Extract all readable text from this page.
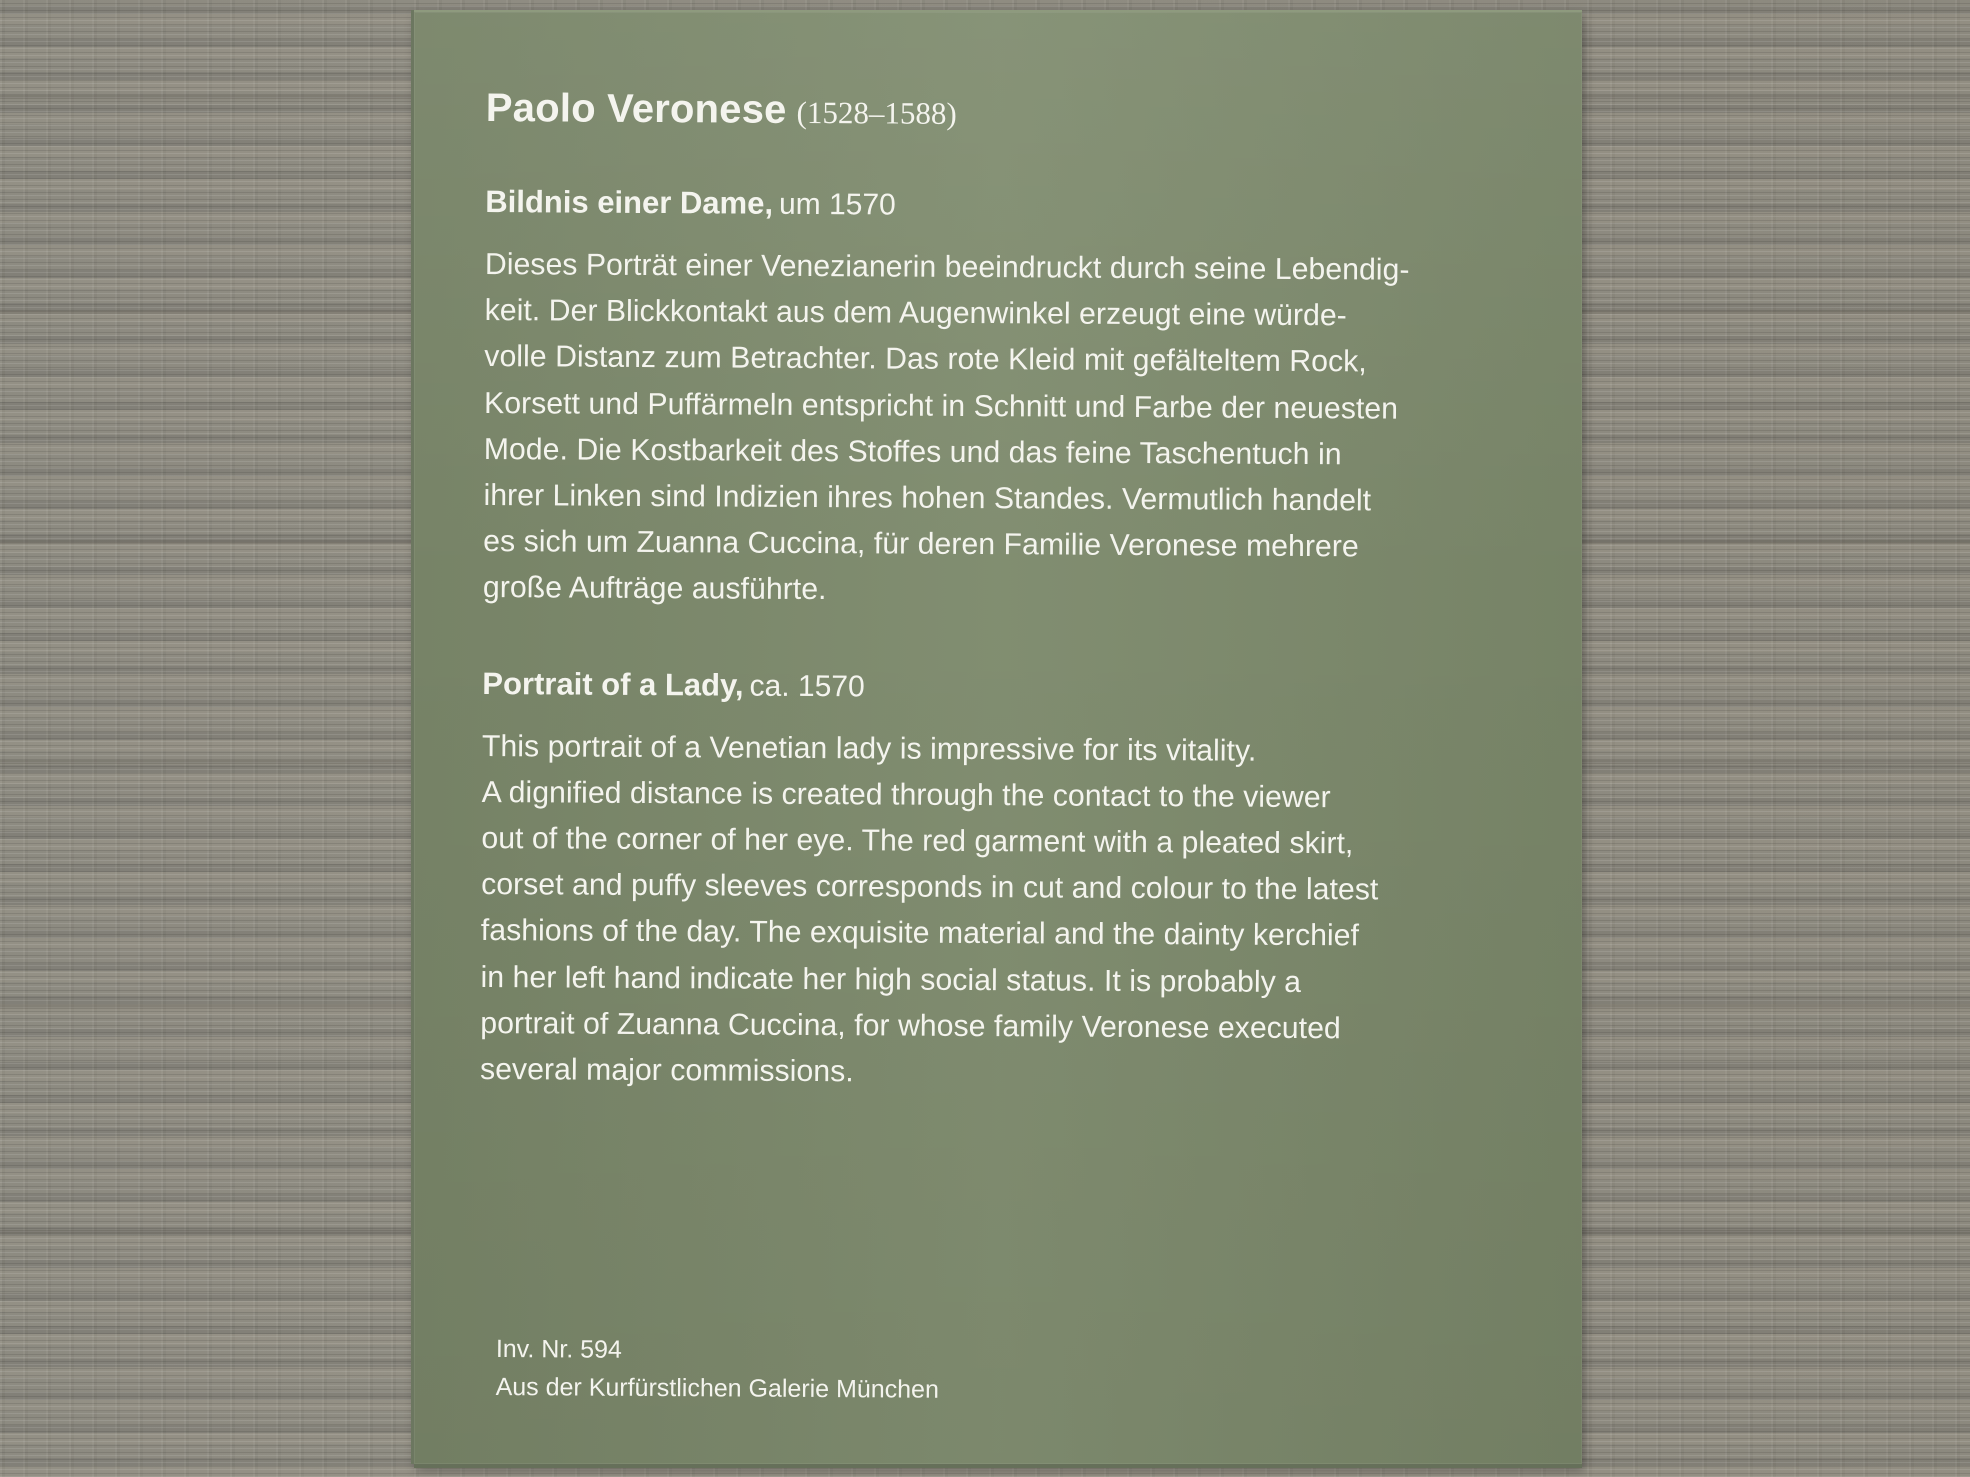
Paolo Veronese (1528–1588)

Bildnis einer Dame, um 1570

Dieses Porträt einer Venezianerin beeindruckt durch seine Lebendig-
keit. Der Blickkontakt aus dem Augenwinkel erzeugt eine würde-
volle Distanz zum Betrachter. Das rote Kleid mit gefälteltem Rock,
Korsett und Puffärmeln entspricht in Schnitt und Farbe der neuesten
Mode. Die Kostbarkeit des Stoffes und das feine Taschentuch in
ihrer Linken sind Indizien ihres hohen Standes. Vermutlich handelt
es sich um Zuanna Cuccina, für deren Familie Veronese mehrere
große Aufträge ausführte.

Portrait of a Lady, ca. 1570

This portrait of a Venetian lady is impressive for its vitality.
A dignified distance is created through the contact to the viewer
out of the corner of her eye. The red garment with a pleated skirt,
corset and puffy sleeves corresponds in cut and colour to the latest
fashions of the day. The exquisite material and the dainty kerchief
in her left hand indicate her high social status. It is probably a
portrait of Zuanna Cuccina, for whose family Veronese executed
several major commissions.
Inv. Nr. 594
Aus der Kurfürstlichen Galerie München
